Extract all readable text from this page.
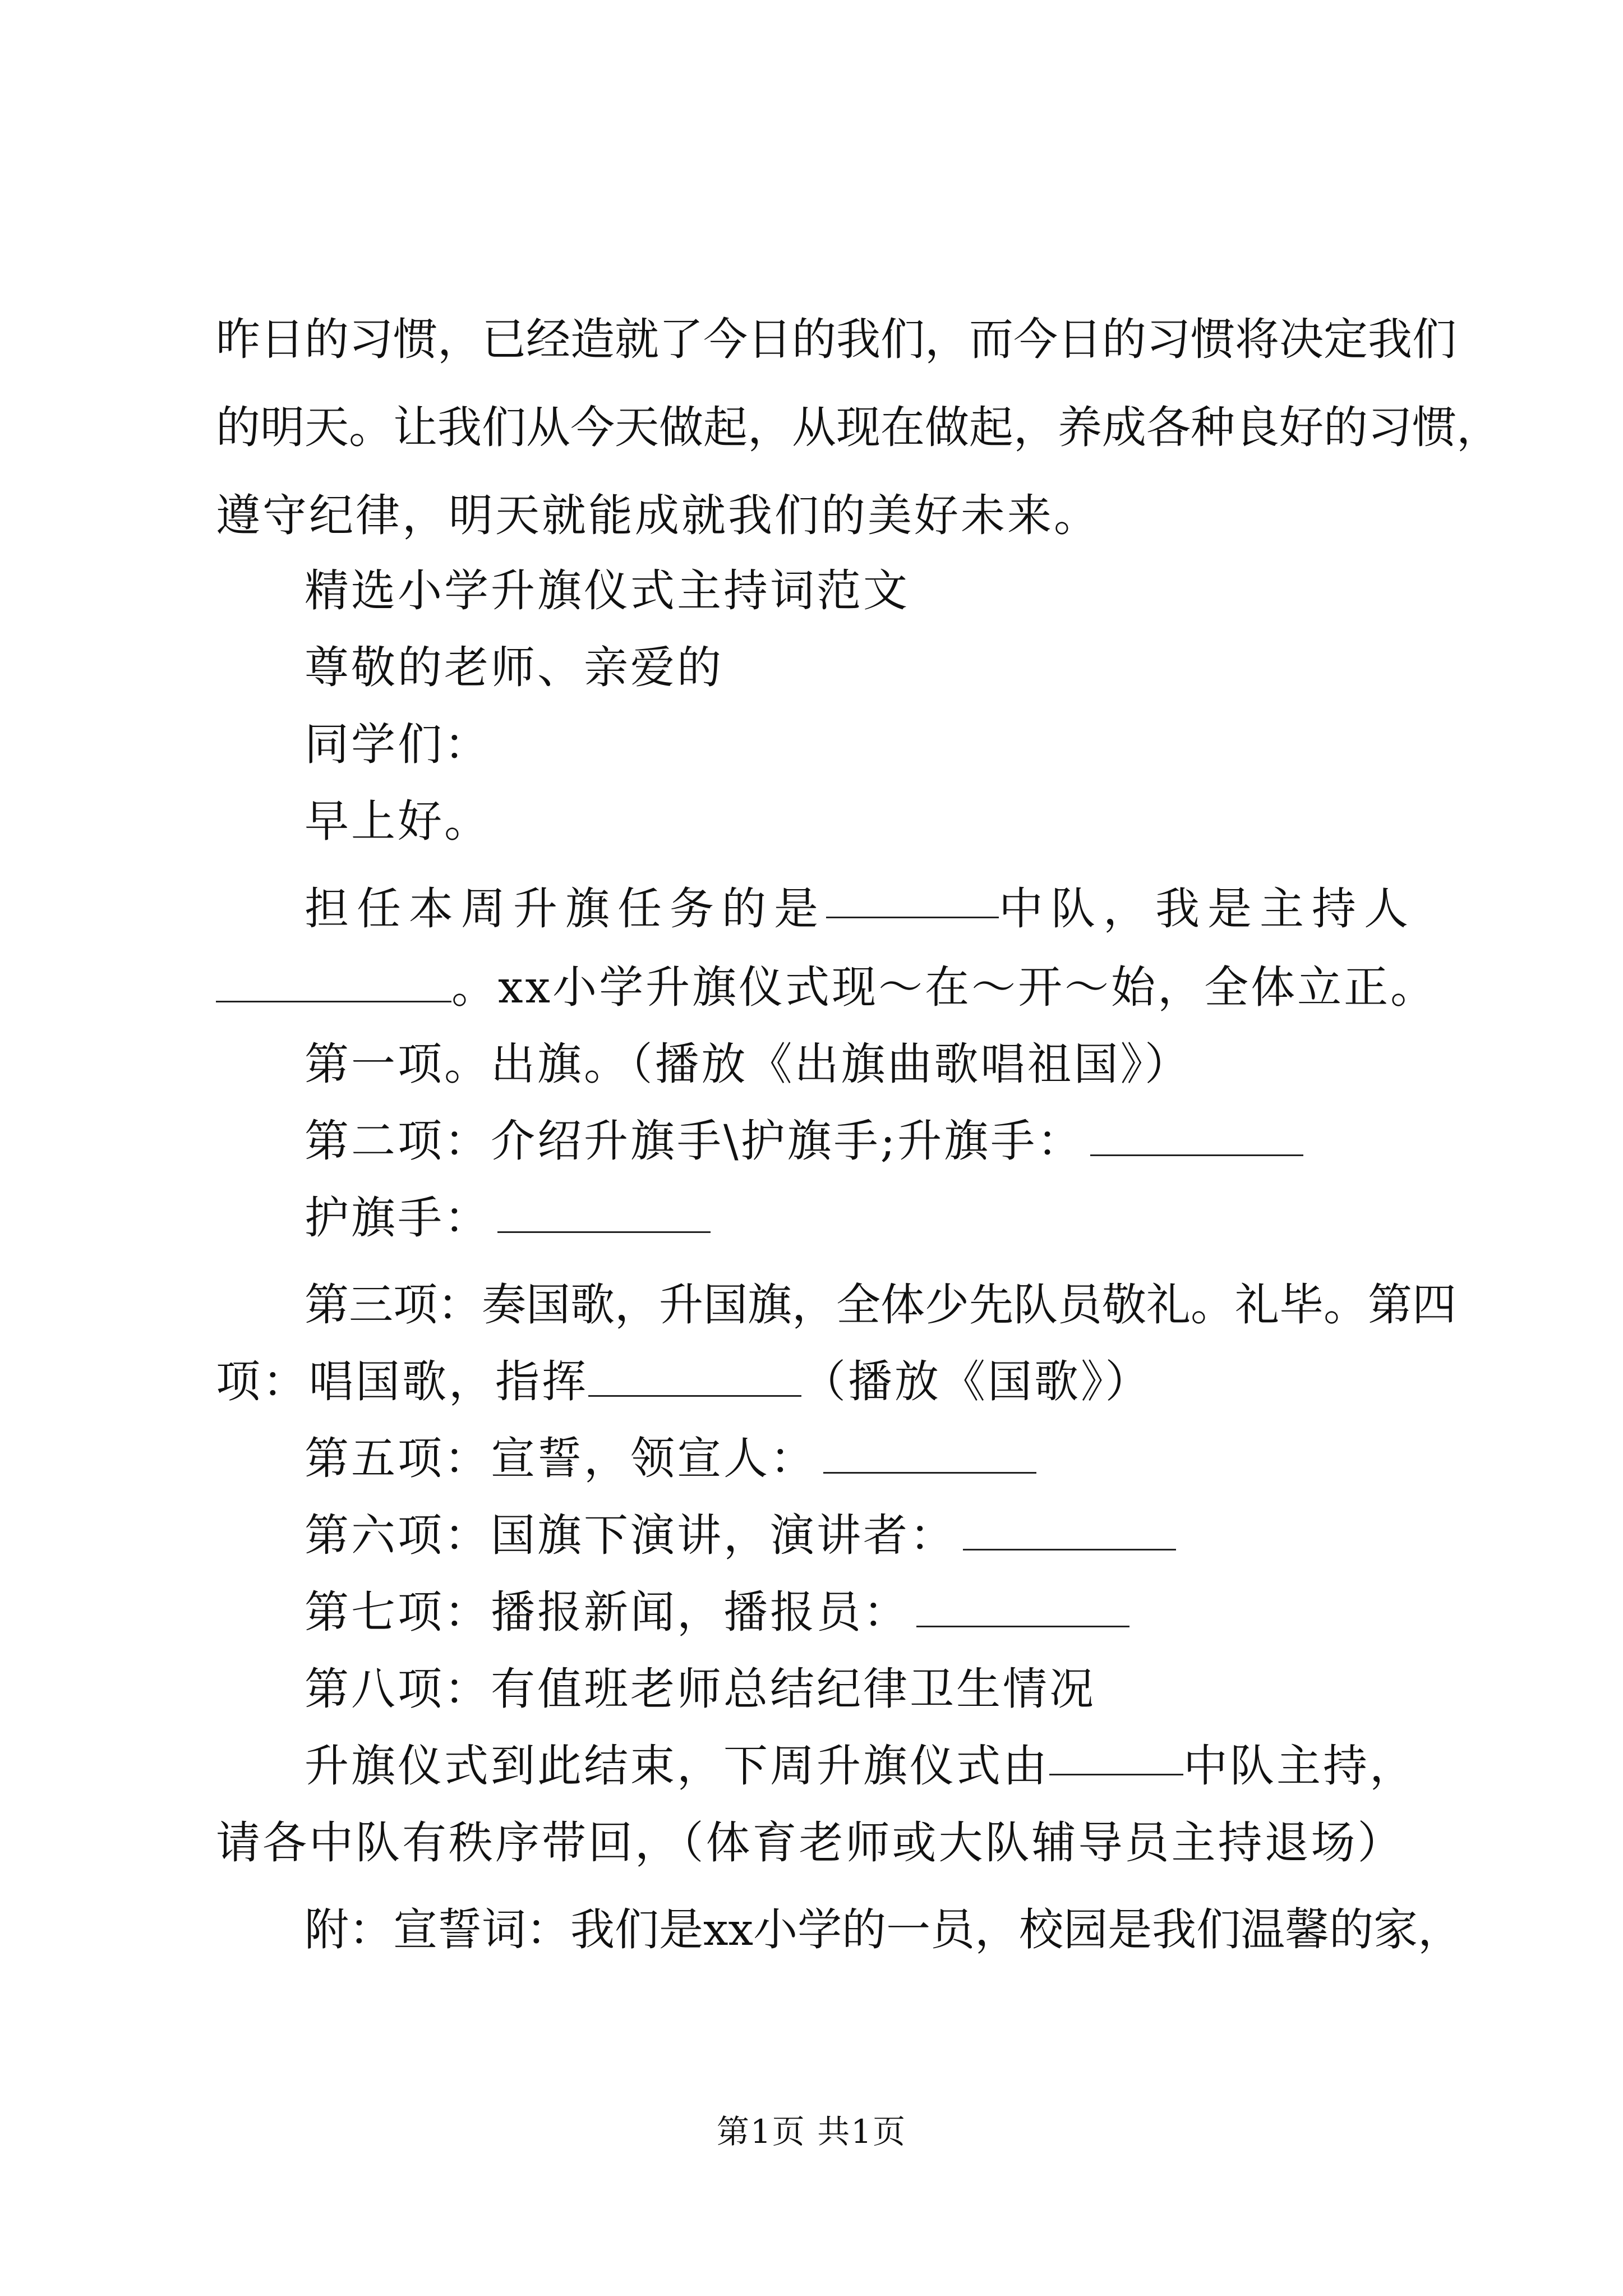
昨日的习惯，已经造就了今日的我们，而今日的习惯将决定我们
的明天。让我们从今天做起，从现在做起，养成各种良好的习惯，
遵守纪律，明天就能成就我们的美好未来。
精选小学升旗仪式主持词范文
尊敬的老师、亲爱的
同学们：
早上好。
担任本周升旗任务的是	中队，我是主持人
。xx小学升旗仪式现～在～开～始，全体立正。
第一项。出旗。（播放《出旗曲歌唱祖国》）
第二项：介绍升旗手\护旗手;升旗手：
护旗手：
第三项：奏国歌，升国旗，全体少先队员敬礼。礼毕。第四
项：唱国歌，指挥	（播放《国歌》）
第五项：宣誓，领宣人：
第六项：国旗下演讲，演讲者：
第七项：播报新闻，播报员：
第八项：有值班老师总结纪律卫生情况
升旗仪式到此结束，下周升旗仪式由	中队主持，
请各中队有秩序带回，（体育老师或大队辅导员主持退场）
附：宣誓词：我们是xx小学的一员，校园是我们温馨的家，
第1页 共1页
